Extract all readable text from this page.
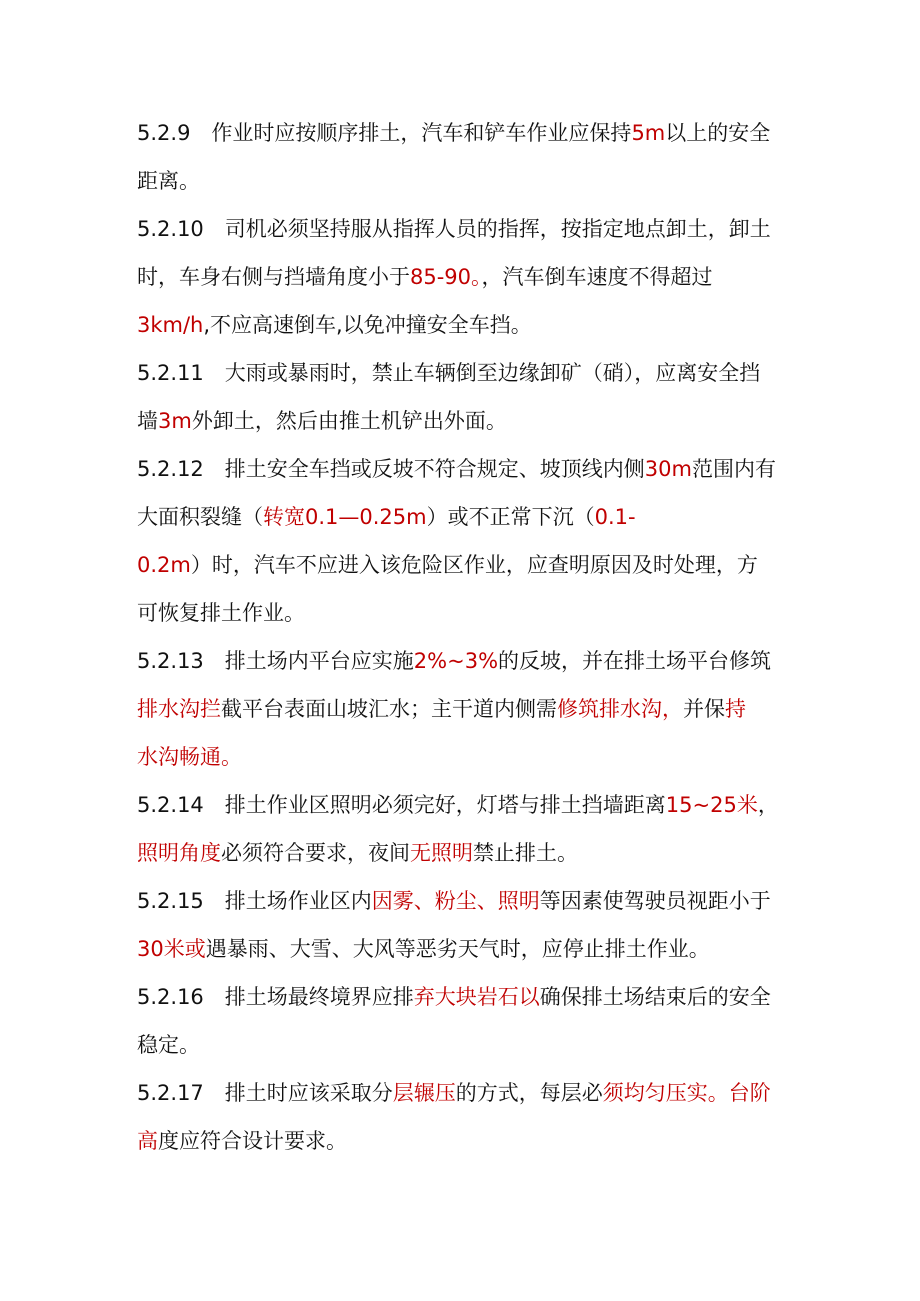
5.2.9　作业时应按顺序排土，汽车和铲车作业应保持5m以上的安全
距离。
5.2.10　司机必须坚持服从指挥人员的指挥，按指定地点卸土，卸土
时，车身右侧与挡墙角度小于85-90。，汽车倒车速度不得超过
3km/h,不应高速倒车,以免冲撞安全车挡。
5.2.11　大雨或暴雨时，禁止车辆倒至边缘卸矿（硝），应离安全挡
墙3m外卸土，然后由推土机铲出外面。
5.2.12　排土安全车挡或反坡不符合规定、坡顶线内侧30m范围内有
大面积裂缝（转宽0.1—0.25m）或不正常下沉（0.1-
0.2m）时，汽车不应进入该危险区作业，应查明原因及时处理，方
可恢复排土作业。
5.2.13　排土场内平台应实施2%~3%的反坡，并在排土场平台修筑
排水沟拦截平台表面山坡汇水；主干道内侧需修筑排水沟，并保持
水沟畅通。
5.2.14　排土作业区照明必须完好，灯塔与排土挡墙距离15~25米，
照明角度必须符合要求，夜间无照明禁止排土。
5.2.15　排土场作业区内因雾、粉尘、照明等因素使驾驶员视距小于
30米或遇暴雨、大雪、大风等恶劣天气时，应停止排土作业。
5.2.16　排土场最终境界应排弃大块岩石以确保排土场结束后的安全
稳定。
5.2.17　排土时应该采取分层辗压的方式，每层必须均匀压实。台阶
高度应符合设计要求。
